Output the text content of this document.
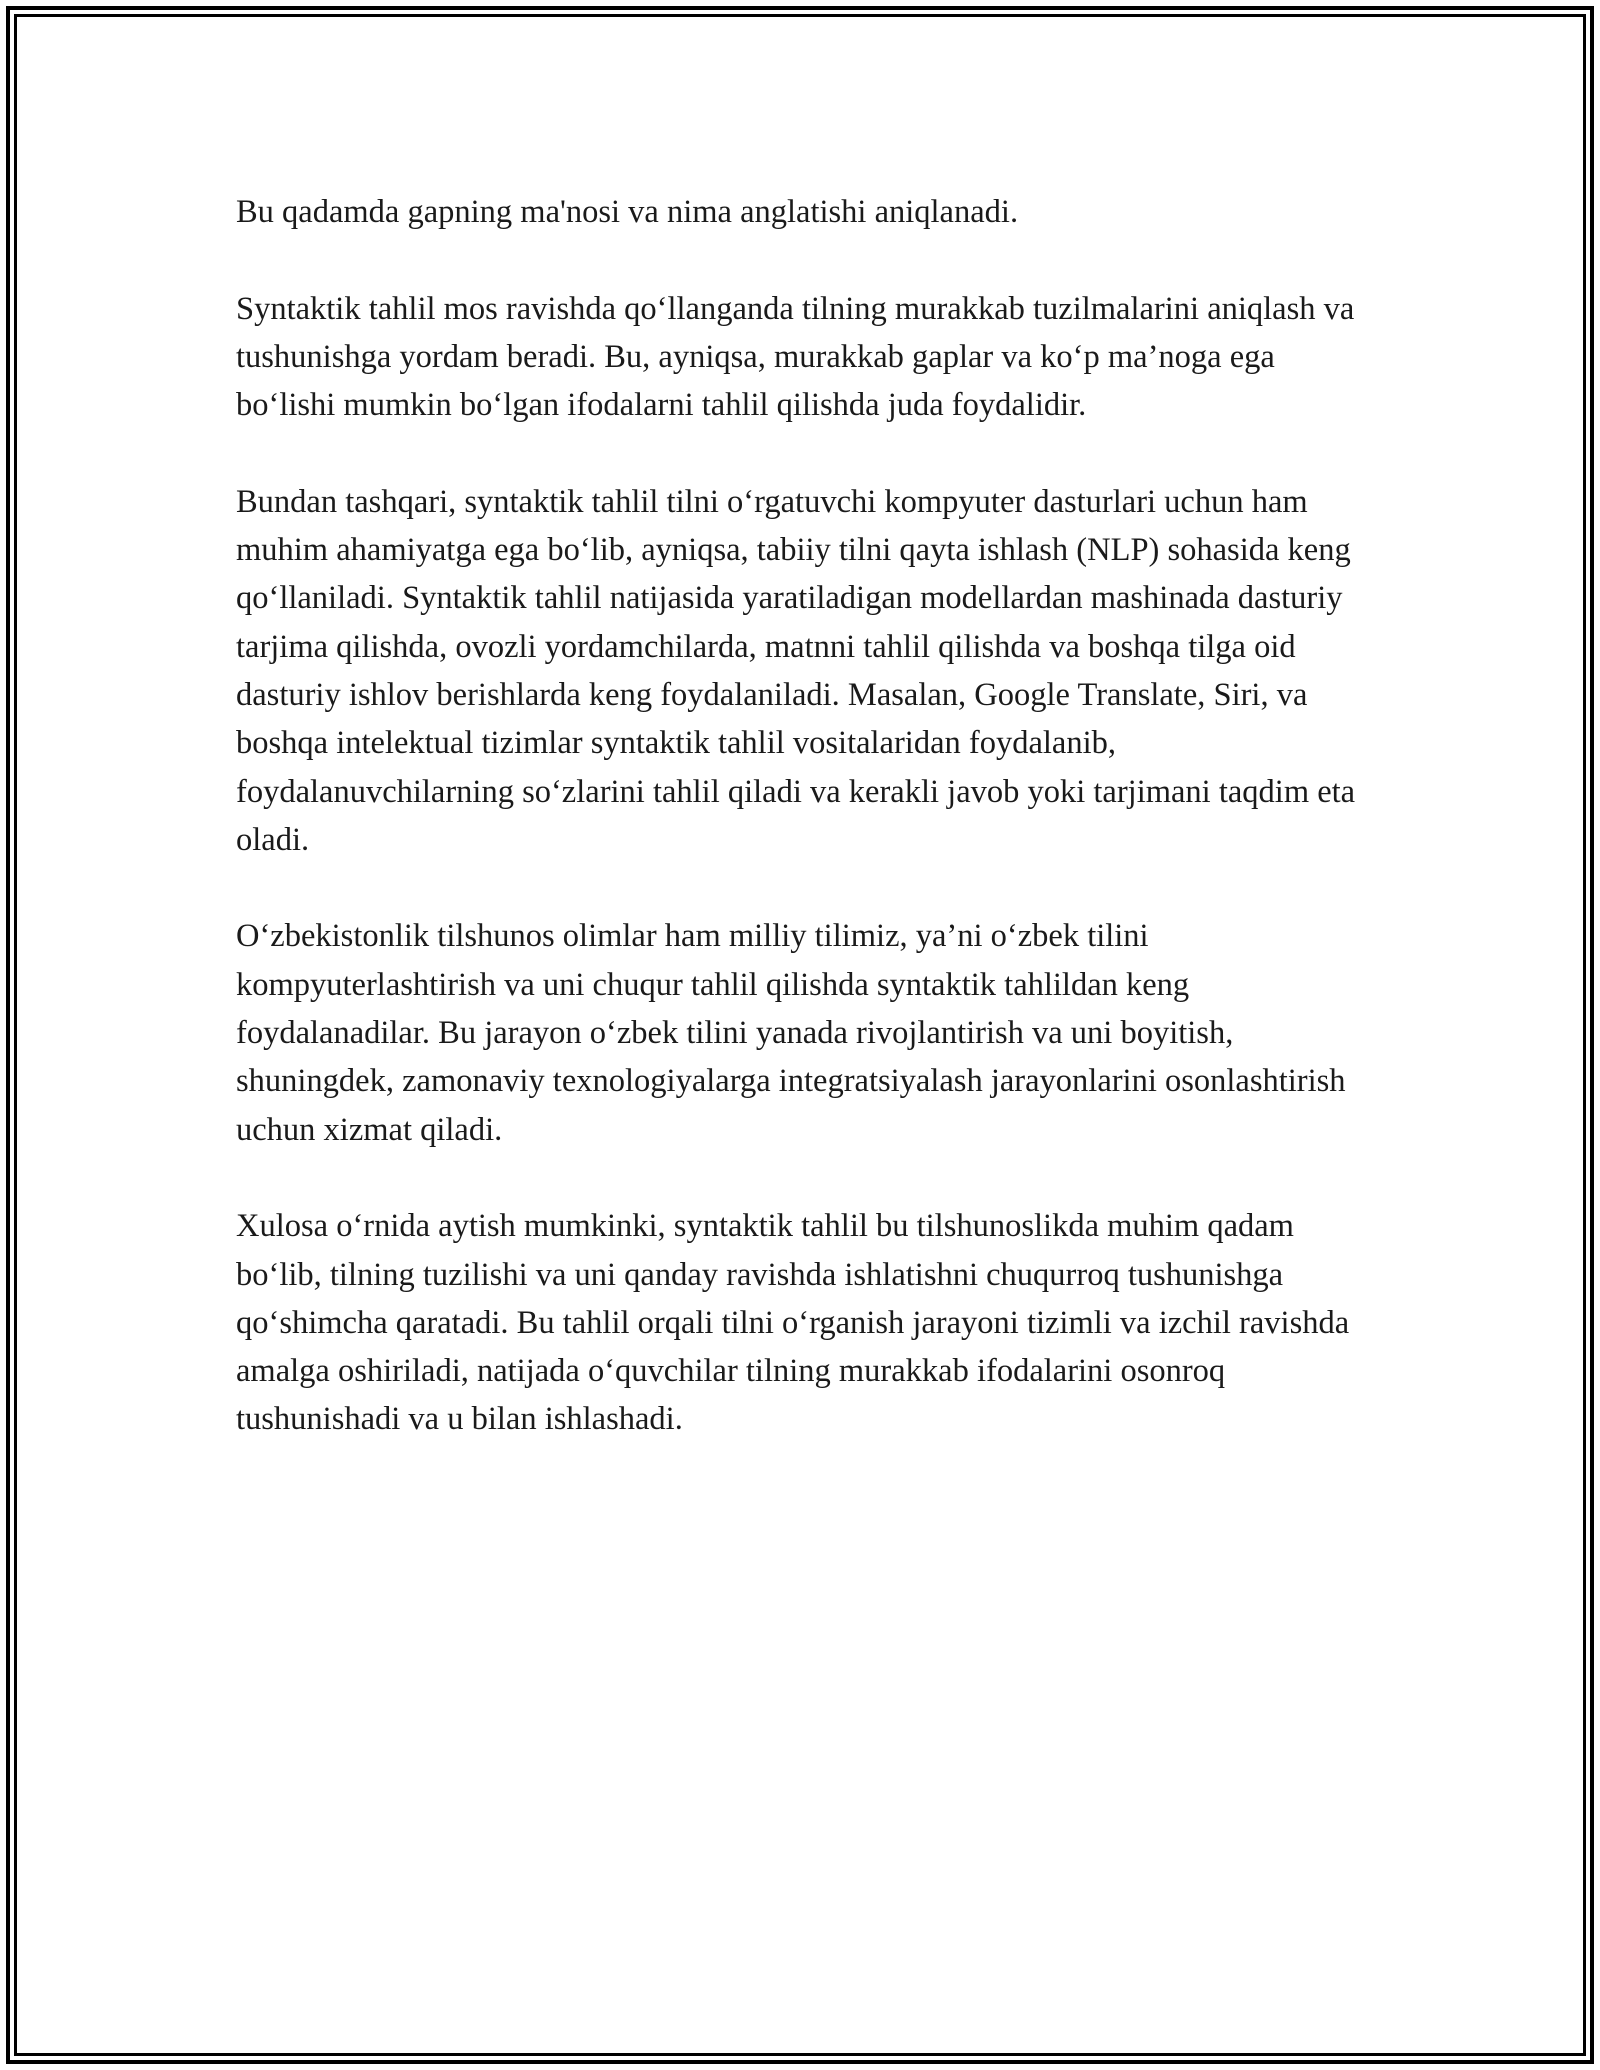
Bu qadamda gapning ma'nosi va nima anglatishi aniqlanadi.

Syntaktik tahlil mos ravishda qo‘llanganda tilning murakkab tuzilmalarini aniqlash va tushunishga yordam beradi. Bu, ayniqsa, murakkab gaplar va ko‘p ma’noga ega bo‘lishi mumkin bo‘lgan ifodalarni tahlil qilishda juda foydalidir.

Bundan tashqari, syntaktik tahlil tilni o‘rgatuvchi kompyuter dasturlari uchun ham muhim ahamiyatga ega bo‘lib, ayniqsa, tabiiy tilni qayta ishlash (NLP) sohasida keng qo‘llaniladi. Syntaktik tahlil natijasida yaratiladigan modellardan mashinada dasturiy tarjima qilishda, ovozli yordamchilarda, matnni tahlil qilishda va boshqa tilga oid dasturiy ishlov berishlarda keng foydalaniladi. Masalan, Google Translate, Siri, va boshqa intelektual tizimlar syntaktik tahlil vositalaridan foydalanib, foydalanuvchilarning so‘zlarini tahlil qiladi va kerakli javob yoki tarjimani taqdim eta oladi.

O‘zbekistonlik tilshunos olimlar ham milliy tilimiz, ya’ni o‘zbek tilini kompyuterlashtirish va uni chuqur tahlil qilishda syntaktik tahlildan keng foydalanadilar. Bu jarayon o‘zbek tilini yanada rivojlantirish va uni boyitish, shuningdek, zamonaviy texnologiyalarga integratsiyalash jarayonlarini osonlashtirish uchun xizmat qiladi.

Xulosa o‘rnida aytish mumkinki, syntaktik tahlil bu tilshunoslikda muhim qadam bo‘lib, tilning tuzilishi va uni qanday ravishda ishlatishni chuqurroq tushunishga qo‘shimcha qaratadi. Bu tahlil orqali tilni o‘rganish jarayoni tizimli va izchil ravishda amalga oshiriladi, natijada o‘quvchilar tilning murakkab ifodalarini osonroq tushunishadi va u bilan ishlashadi.
